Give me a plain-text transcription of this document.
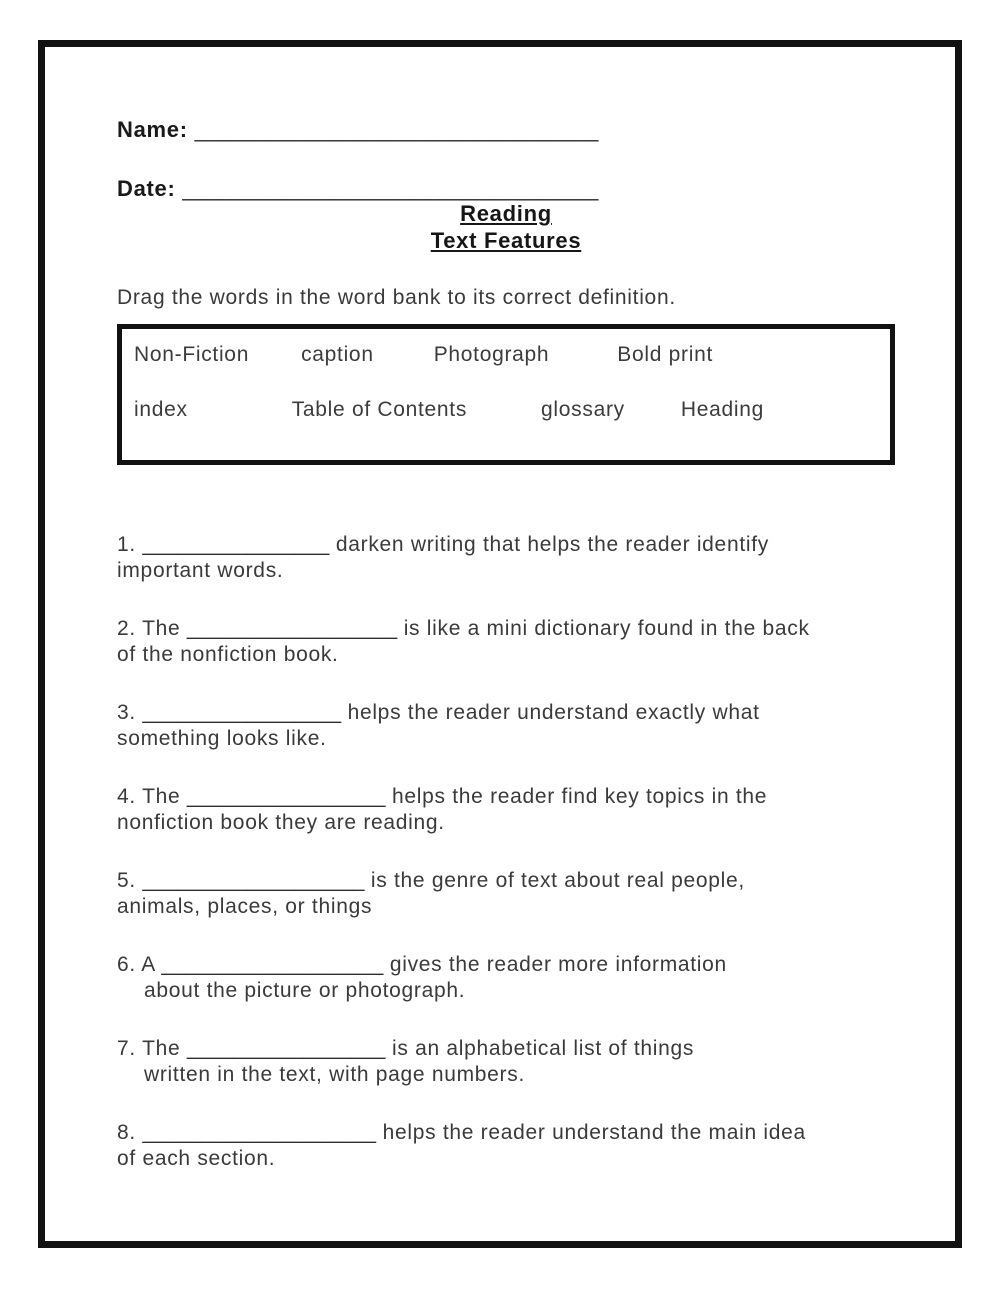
Name: _________________________________
Date: __________________________________
Reading
Text Features
Drag the words in the word bank to its correct definition.
Non-Fiction caption	Photograph	Bold print
index	Table of Contents	glossary	Heading
1. ________________ darken writing that helps the reader identify
important words.
2. The __________________ is like a mini dictionary found in the back
of the nonfiction book.
3. _________________ helps the reader understand exactly what
something looks like.
4. The _________________ helps the reader find key topics in the
nonfiction book they are reading.
5. ___________________ is the genre of text about real people,
animals, places, or things
6. A ___________________ gives the reader more information
about the picture or photograph.
7. The _________________ is an alphabetical list of things
written in the text, with page numbers.
8. ____________________ helps the reader understand the main idea
of each section.
